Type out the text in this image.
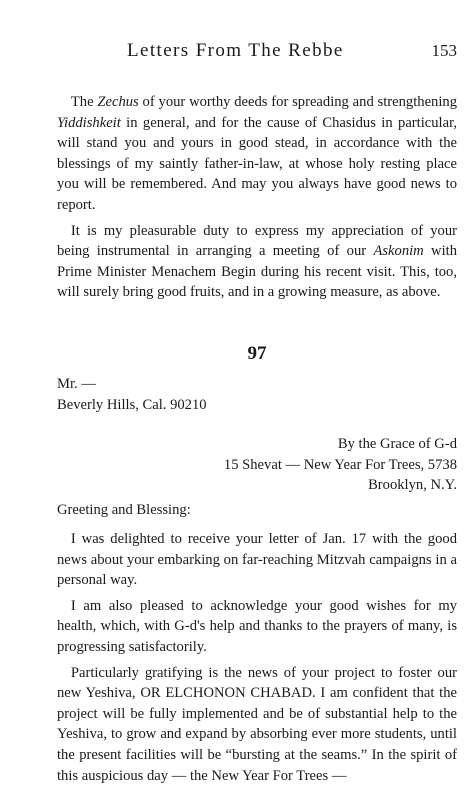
Letters From The Rebbe	153

The Zechus of your worthy deeds for spreading and strengthening Yiddishkeit in general, and for the cause of Chasidus in particular, will stand you and yours in good stead, in accordance with the blessings of my saintly father-in-law, at whose holy resting place you will be remembered. And may you always have good news to report.

It is my pleasurable duty to express my appreciation of your being instrumental in arranging a meeting of our Askonim with Prime Minister Menachem Begin during his recent visit. This, too, will surely bring good fruits, and in a growing measure, as above.

97
Mr. —
Beverly Hills, Cal. 90210
By the Grace of G-d
15 Shevat — New Year For Trees, 5738
Brooklyn, N.Y.
Greeting and Blessing:

I was delighted to receive your letter of Jan. 17 with the good news about your embarking on far-reaching Mitzvah campaigns in a personal way.

I am also pleased to acknowledge your good wishes for my health, which, with G-d's help and thanks to the prayers of many, is progressing satisfactorily.

Particularly gratifying is the news of your project to foster our new Yeshiva, OR ELCHONON CHABAD. I am confident that the project will be fully implemented and be of substantial help to the Yeshiva, to grow and expand by absorbing ever more students, until the present facilities will be “bursting at the seams.” In the spirit of this auspicious day — the New Year For Trees —
